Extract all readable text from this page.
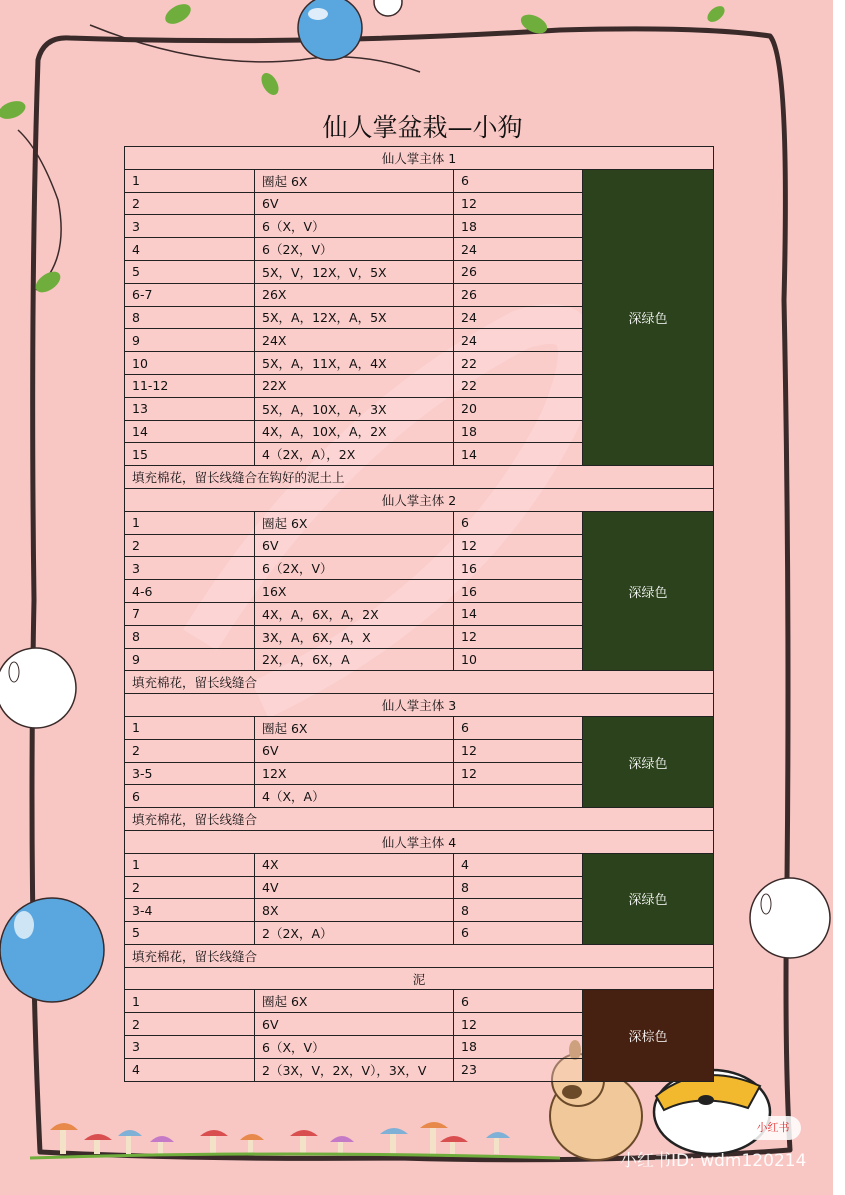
仙人掌盆栽—小狗
仙人掌主体 1			
1	圈起 6X	6	深绿色
2	6V	12	
3	6（X，V）	18	
4	6（2X，V）	24	
5	5X，V，12X，V，5X	26	
6-7	26X	26	
8	5X，A，12X，A，5X	24	
9	24X	24	
10	5X，A，11X，A，4X	22	
11-12	22X	22	
13	5X，A，10X，A，3X	20	
14	4X，A，10X，A，2X	18	
15	4（2X，A），2X	14	
填充棉花，留长线缝合在钩好的泥土上			
仙人掌主体 2			
1	圈起 6X	6	深绿色
2	6V	12	
3	6（2X，V）	16	
4-6	16X	16	
7	4X，A，6X，A，2X	14	
8	3X，A，6X，A，X	12	
9	2X，A，6X，A	10	
填充棉花，留长线缝合			
仙人掌主体 3			
1	圈起 6X	6	深绿色
2	6V	12	
3-5	12X	12	
6	4（X，A）		
填充棉花，留长线缝合			
仙人掌主体 4			
1	4X	4	深绿色
2	4V	8	
3-4	8X	8	
5	2（2X，A）	6	
填充棉花，留长线缝合			
泥			
1	圈起 6X	6	深棕色
2	6V	12	
3	6（X，V）	18	
4	2（3X，V，2X，V），3X，V	23	
小红书
小红书ID: wdm120214
